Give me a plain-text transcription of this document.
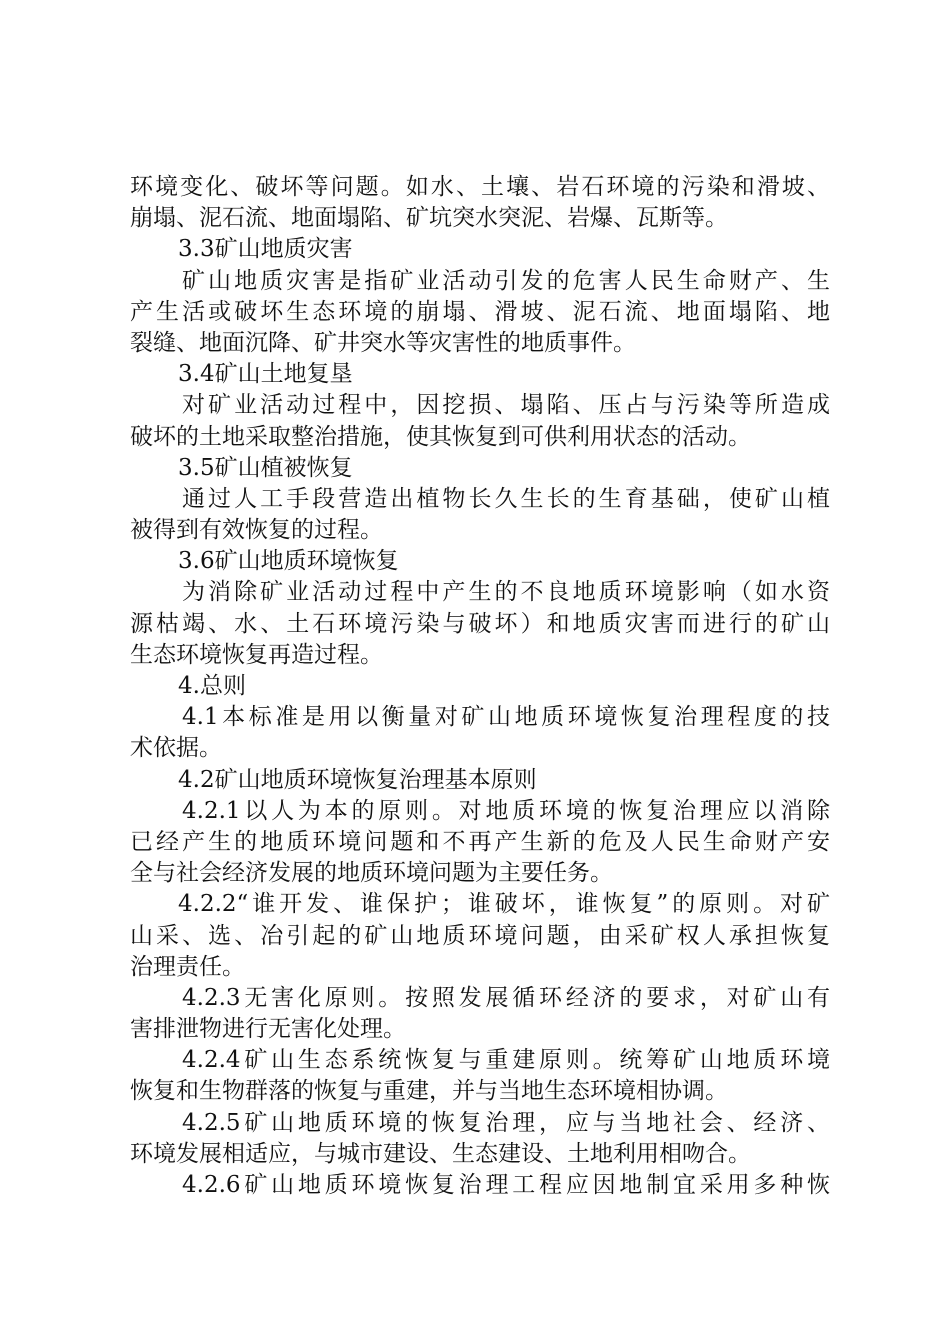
环境变化、破坏等问题。如水、土壤、岩石环境的污染和滑坡、
崩塌、泥石流、地面塌陷、矿坑突水突泥、岩爆、瓦斯等。
3.3矿山地质灾害
矿山地质灾害是指矿业活动引发的危害人民生命财产、生
产生活或破坏生态环境的崩塌、滑坡、泥石流、地面塌陷、地
裂缝、地面沉降、矿井突水等灾害性的地质事件。
3.4矿山土地复垦
对矿业活动过程中，因挖损、塌陷、压占与污染等所造成
破坏的土地采取整治措施，使其恢复到可供利用状态的活动。
3.5矿山植被恢复
通过人工手段营造出植物长久生长的生育基础，使矿山植
被得到有效恢复的过程。
3.6矿山地质环境恢复
为消除矿业活动过程中产生的不良地质环境影响（如水资
源枯竭、水、土石环境污染与破坏）和地质灾害而进行的矿山
生态环境恢复再造过程。
4.总则
4.1本标准是用以衡量对矿山地质环境恢复治理程度的技
术依据。
4.2矿山地质环境恢复治理基本原则
4.2.1以人为本的原则。对地质环境的恢复治理应以消除
已经产生的地质环境问题和不再产生新的危及人民生命财产安
全与社会经济发展的地质环境问题为主要任务。
4.2.2“谁开发、谁保护；谁破坏，谁恢复”的原则。对矿
山采、选、冶引起的矿山地质环境问题，由采矿权人承担恢复
治理责任。
4.2.3无害化原则。按照发展循环经济的要求，对矿山有
害排泄物进行无害化处理。
4.2.4矿山生态系统恢复与重建原则。统筹矿山地质环境
恢复和生物群落的恢复与重建，并与当地生态环境相协调。
4.2.5矿山地质环境的恢复治理，应与当地社会、经济、
环境发展相适应，与城市建设、生态建设、土地利用相吻合。
4.2.6矿山地质环境恢复治理工程应因地制宜采用多种恢
